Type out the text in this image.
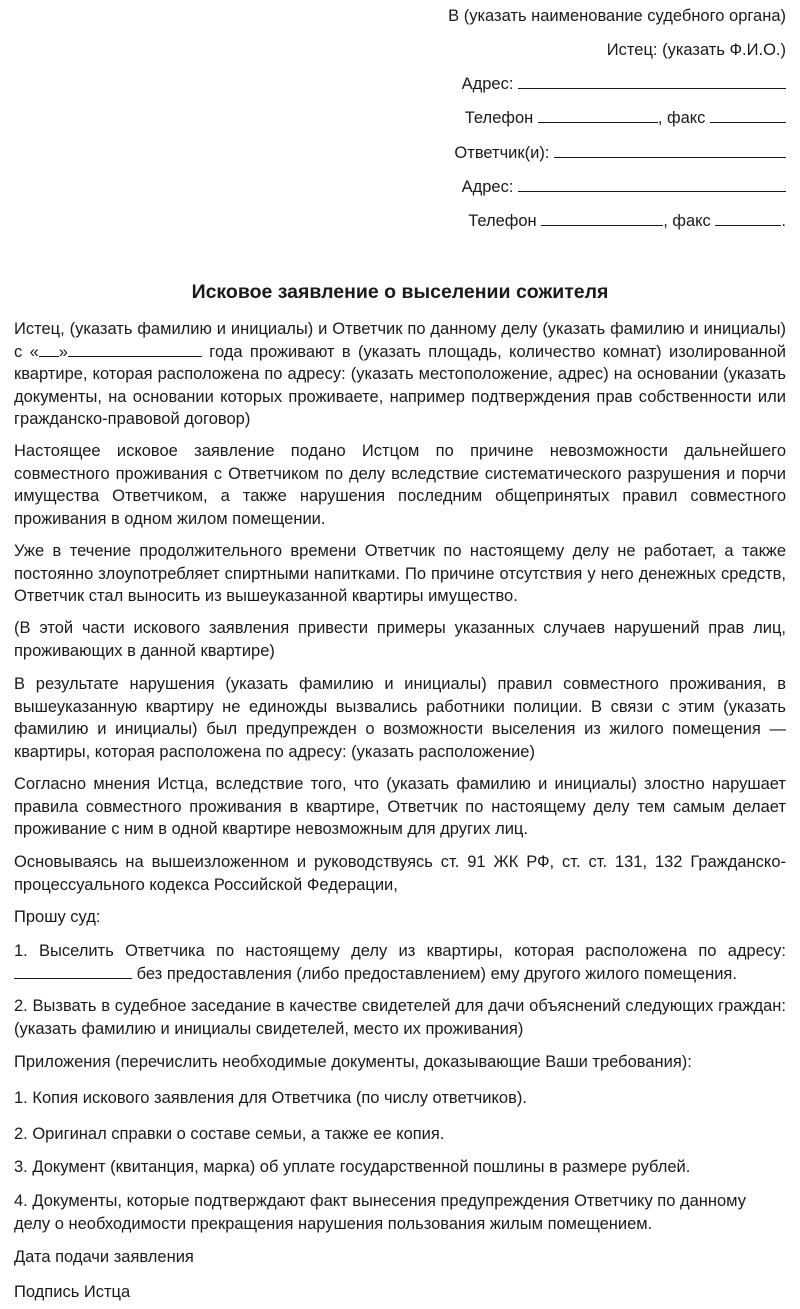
В (указать наименование судебного органа)
Истец: (указать Ф.И.О.)
Адрес:
Телефон	, факс
Ответчик(и):
Адрес:
Телефон	, факс	.
Исковое заявление о выселении сожителя

Истец, (указать фамилию и инициалы) и Ответчик по данному делу (указать фамилию и инициалы) с « »	года проживают в (указать площадь, количество комнат) изолированной квартире, которая расположена по адресу: (указать местоположение, адрес) на основании (указать документы, на основании которых проживаете, например подтверждения прав собственности или гражданско-правовой договор)

Настоящее исковое заявление подано Истцом по причине невозможности дальнейшего совместного проживания с Ответчиком по делу вследствие систематического разрушения и порчи имущества Ответчиком, а также нарушения последним общепринятых правил совместного проживания в одном жилом помещении.

Уже в течение продолжительного времени Ответчик по настоящему делу не работает, а также постоянно злоупотребляет спиртными напитками. По причине отсутствия у него денежных средств, Ответчик стал выносить из вышеуказанной квартиры имущество.

(В этой части искового заявления привести примеры указанных случаев нарушений прав лиц, проживающих в данной квартире)

В результате нарушения (указать фамилию и инициалы) правил совместного проживания, в вышеуказанную квартиру не единожды вызвались работники полиции. В связи с этим (указать фамилию и инициалы) был предупрежден о возможности выселения из жилого помещения — квартиры, которая расположена по адресу: (указать расположение)

Согласно мнения Истца, вследствие того, что (указать фамилию и инициалы) злостно нарушает правила совместного проживания в квартире, Ответчик по настоящему делу тем самым делает проживание с ним в одной квартире невозможным для других лиц.

Основываясь на вышеизложенном и руководствуясь ст. 91 ЖК РФ, ст. ст. 131, 132 Гражданско-процессуального кодекса Российской Федерации,

Прошу суд:

1. Выселить Ответчика по настоящему делу из квартиры, которая расположена по адресу:  без предоставления (либо предоставлением) ему другого жилого помещения.

2. Вызвать в судебное заседание в качестве свидетелей для дачи объяснений следующих граждан: (указать фамилию и инициалы свидетелей, место их проживания)

Приложения (перечислить необходимые документы, доказывающие Ваши требования):

1. Копия искового заявления для Ответчика (по числу ответчиков).

2. Оригинал справки о составе семьи, а также ее копия.

3. Документ (квитанция, марка) об уплате государственной пошлины в размере рублей.

4. Документы, которые подтверждают факт вынесения предупреждения Ответчику по данному делу о необходимости прекращения нарушения пользования жилым помещением.

Дата подачи заявления

Подпись Истца
